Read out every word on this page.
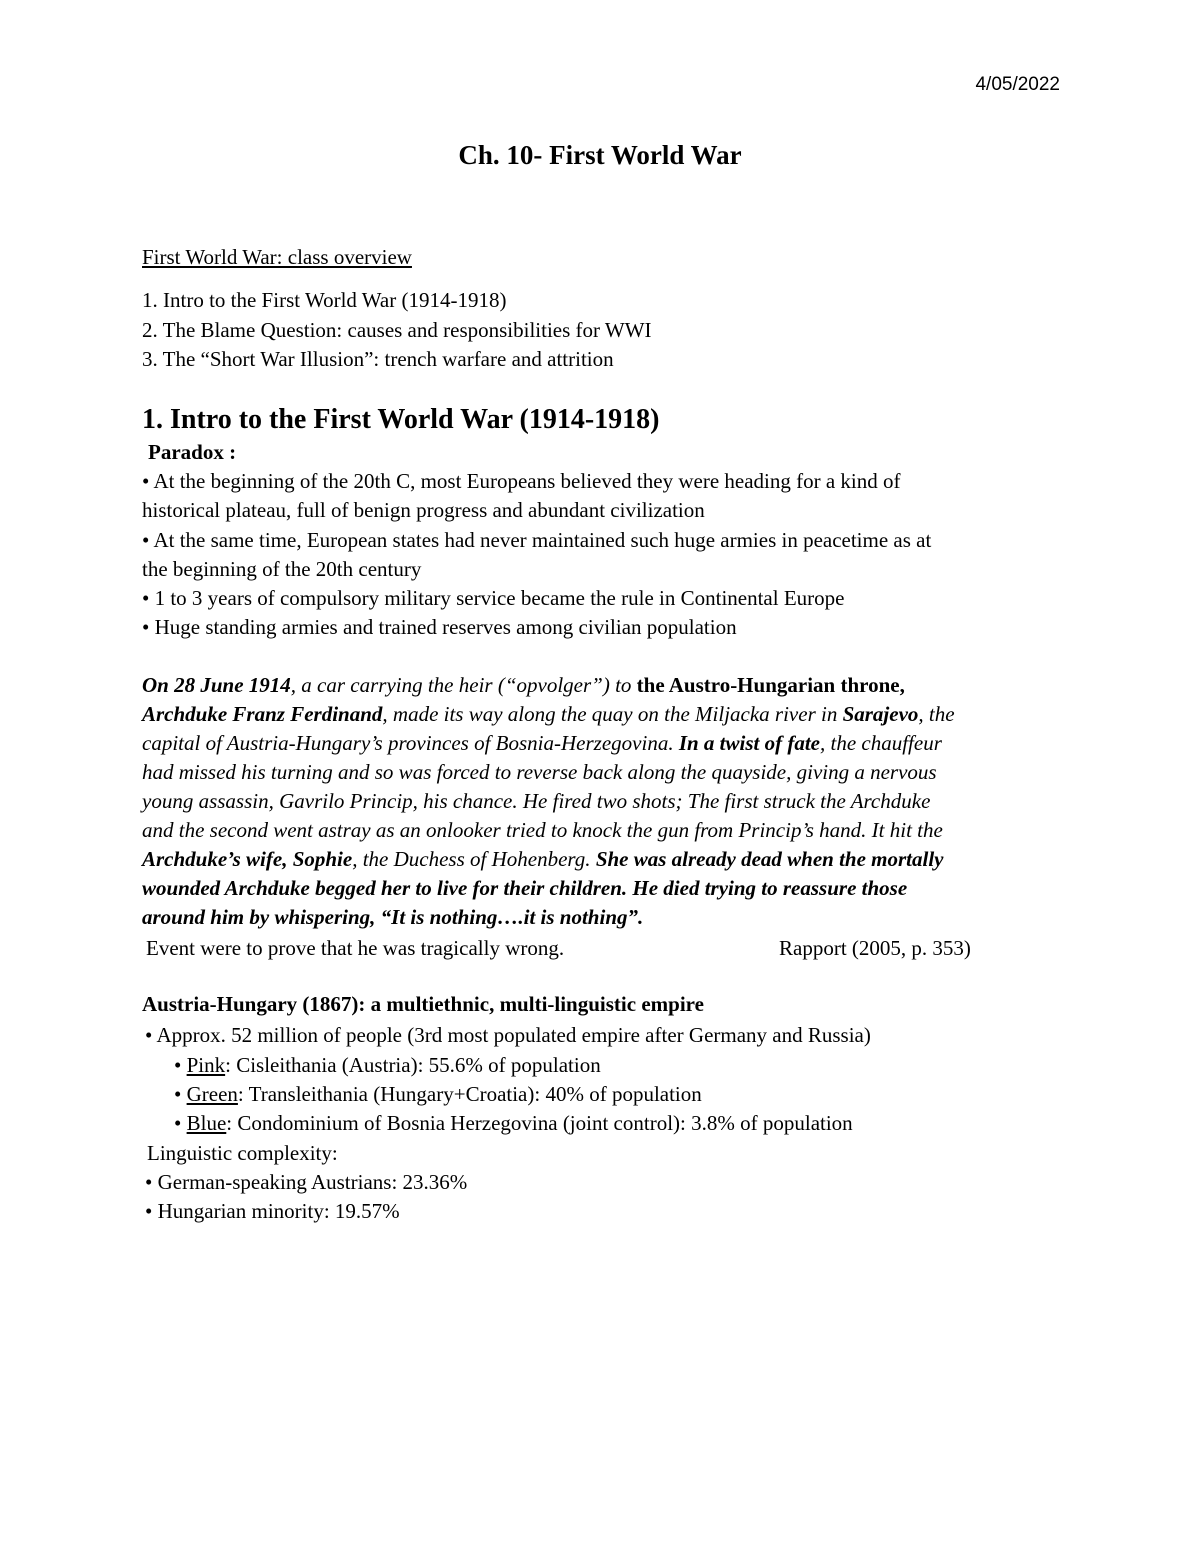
4/05/2022
Ch. 10- First World War
First World War: class overview
1. Intro to the First World War (1914-1918)
2. The Blame Question: causes and responsibilities for WWI
3. The “Short War Illusion”: trench warfare and attrition
1. Intro to the First World War (1914-1918)
Paradox :
• At the beginning of the 20th C, most Europeans believed they were heading for a kind of
historical plateau, full of benign progress and abundant civilization
• At the same time, European states had never maintained such huge armies in peacetime as at
the beginning of the 20th century
• 1 to 3 years of compulsory military service became the rule in Continental Europe
• Huge standing armies and trained reserves among civilian population
On 28 June 1914, a car carrying the heir (“opvolger”) to the Austro-Hungarian throne,
Archduke Franz Ferdinand, made its way along the quay on the Miljacka river in Sarajevo, the
capital of Austria-Hungary’s provinces of Bosnia-Herzegovina. In a twist of fate, the chauffeur
had missed his turning and so was forced to reverse back along the quayside, giving a nervous
young assassin, Gavrilo Princip, his chance. He fired two shots; The first struck the Archduke
and the second went astray as an onlooker tried to knock the gun from Princip’s hand. It hit the
Archduke’s wife, Sophie, the Duchess of Hohenberg. She was already dead when the mortally
wounded Archduke begged her to live for their children. He died trying to reassure those
around him by whispering, “It is nothing….it is nothing”.
Event were to prove that he was tragically wrong.	Rapport (2005, p. 353)
Austria-Hungary (1867): a multiethnic, multi-linguistic empire
• Approx. 52 million of people (3rd most populated empire after Germany and Russia)
• Pink: Cisleithania (Austria): 55.6% of population
• Green: Transleithania (Hungary+Croatia): 40% of population
• Blue: Condominium of Bosnia Herzegovina (joint control): 3.8% of population
Linguistic complexity:
• German-speaking Austrians: 23.36%
• Hungarian minority: 19.57%
